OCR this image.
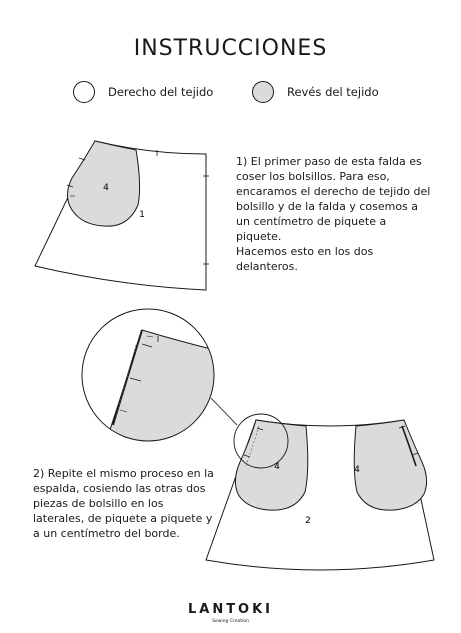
INSTRUCCIONES
Derecho del tejido	Revés del tejido
4
1
1) El primer paso de esta falda es coser los bolsillos. Para eso, encaramos el derecho de tejido del bolsillo y de la falda y cosemos a un centímetro de piquete a piquete.
Hacemos esto en los dos delanteros.
4	4
2
2) Repite el mismo proceso en la espalda, cosiendo las otras dos piezas de bolsillo en los laterales, de piquete a piquete y a un centímetro del borde.
LANTOKI
Sewing Creation
